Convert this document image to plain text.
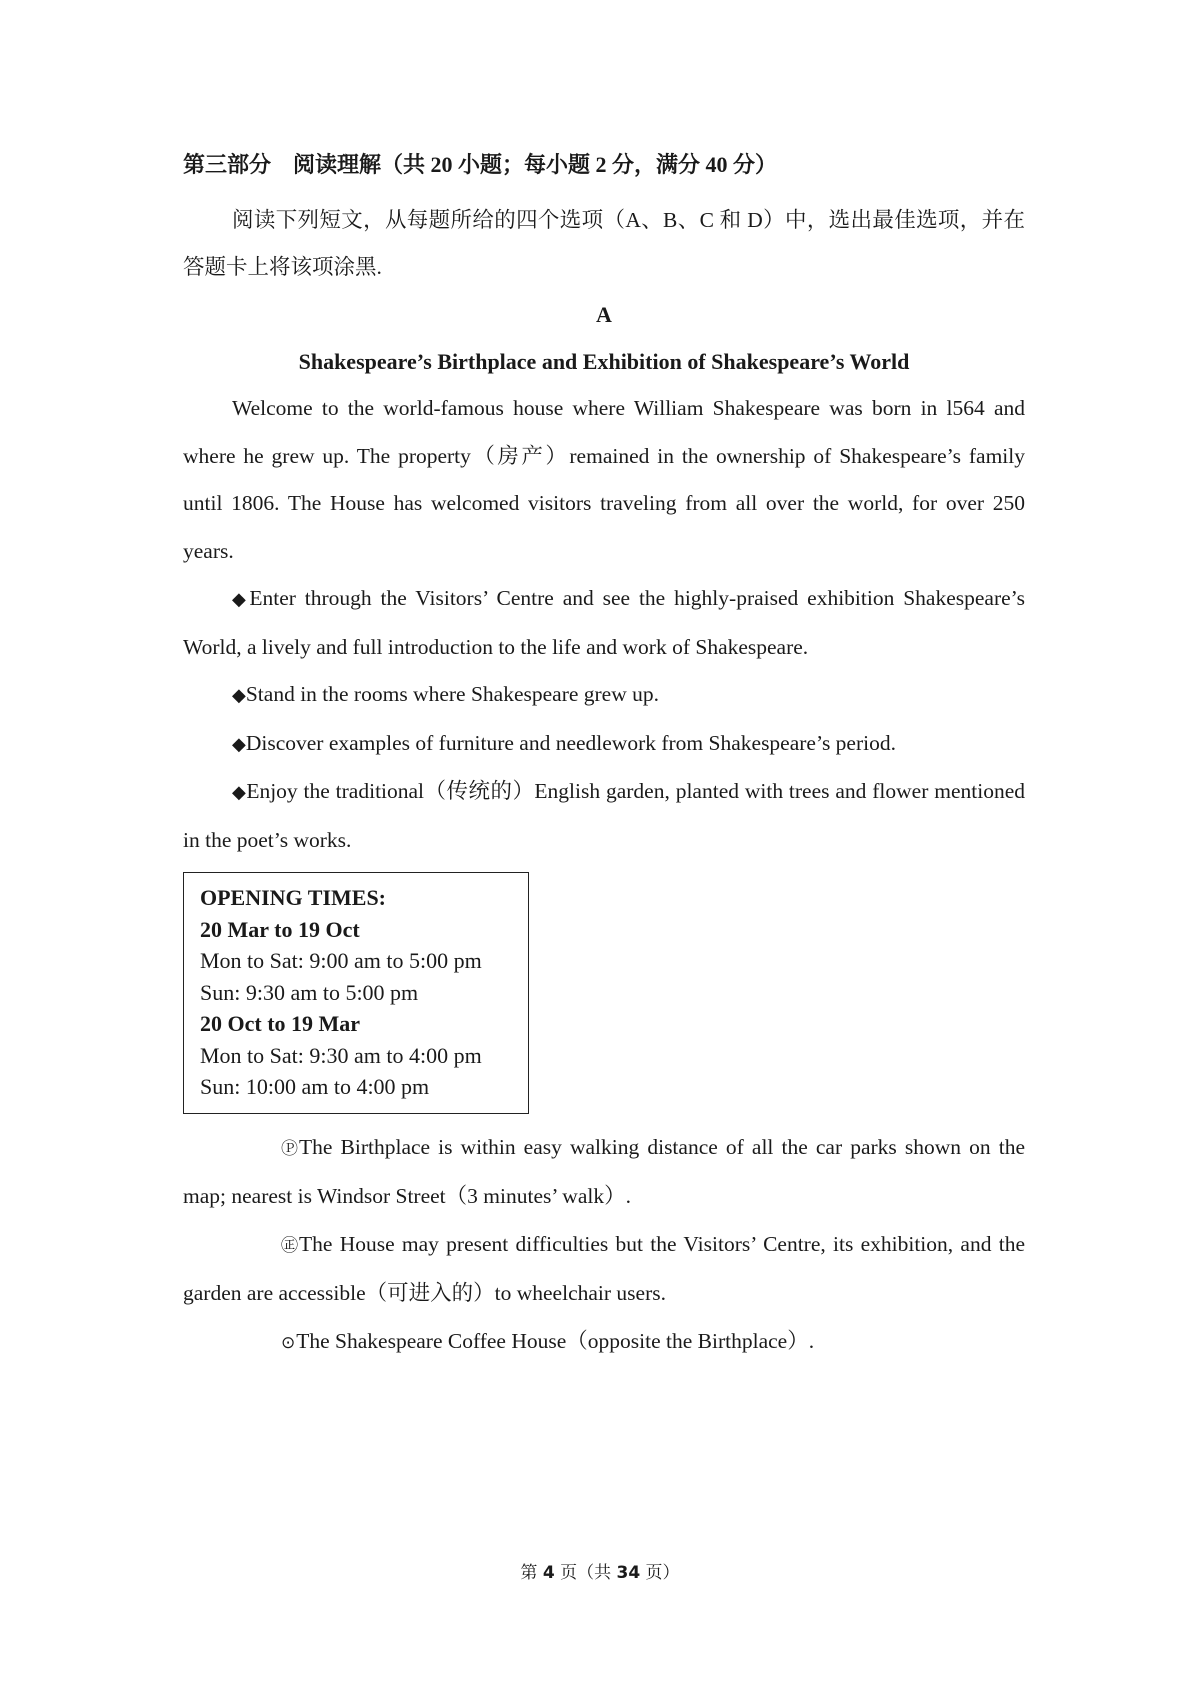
第三部分　阅读理解（共 20 小题；每小题 2 分，满分 40 分）

阅读下列短文，从每题所给的四个选项（A、B、C 和 D）中，选出最佳选项，并在答题卡上将该项涂黑.

A

Shakespeare’s Birthplace and Exhibition of Shakespeare’s World

Welcome to the world-famous house where William Shakespeare was born in l564 and where he grew up. The property（房产）remained in the ownership of Shakespeare’s family until 1806. The House has welcomed visitors traveling from all over the world, for over 250 years.

◆Enter through the Visitors’ Centre and see the highly-praised exhibition Shakespeare’s World, a lively and full introduction to the life and work of Shakespeare.

◆Stand in the rooms where Shakespeare grew up.

◆Discover examples of furniture and needlework from Shakespeare’s period.

◆Enjoy the traditional（传统的）English garden, planted with trees and flower mentioned in the poet’s works.

OPENING TIMES:
20 Mar to 19 Oct
Mon to Sat: 9:00 am to 5:00 pm
Sun: 9:30 am to 5:00 pm
20 Oct to 19 Mar
Mon to Sat: 9:30 am to 4:00 pm
Sun: 10:00 am to 4:00 pm

ⓅThe Birthplace is within easy walking distance of all the car parks shown on the map; nearest is Windsor Street（3 minutes’ walk）.

㊣The House may present difficulties but the Visitors’ Centre, its exhibition, and the garden are accessible（可进入的）to wheelchair users.

⊙The Shakespeare Coffee House（opposite the Birthplace）.

第 4 页（共 34 页）
